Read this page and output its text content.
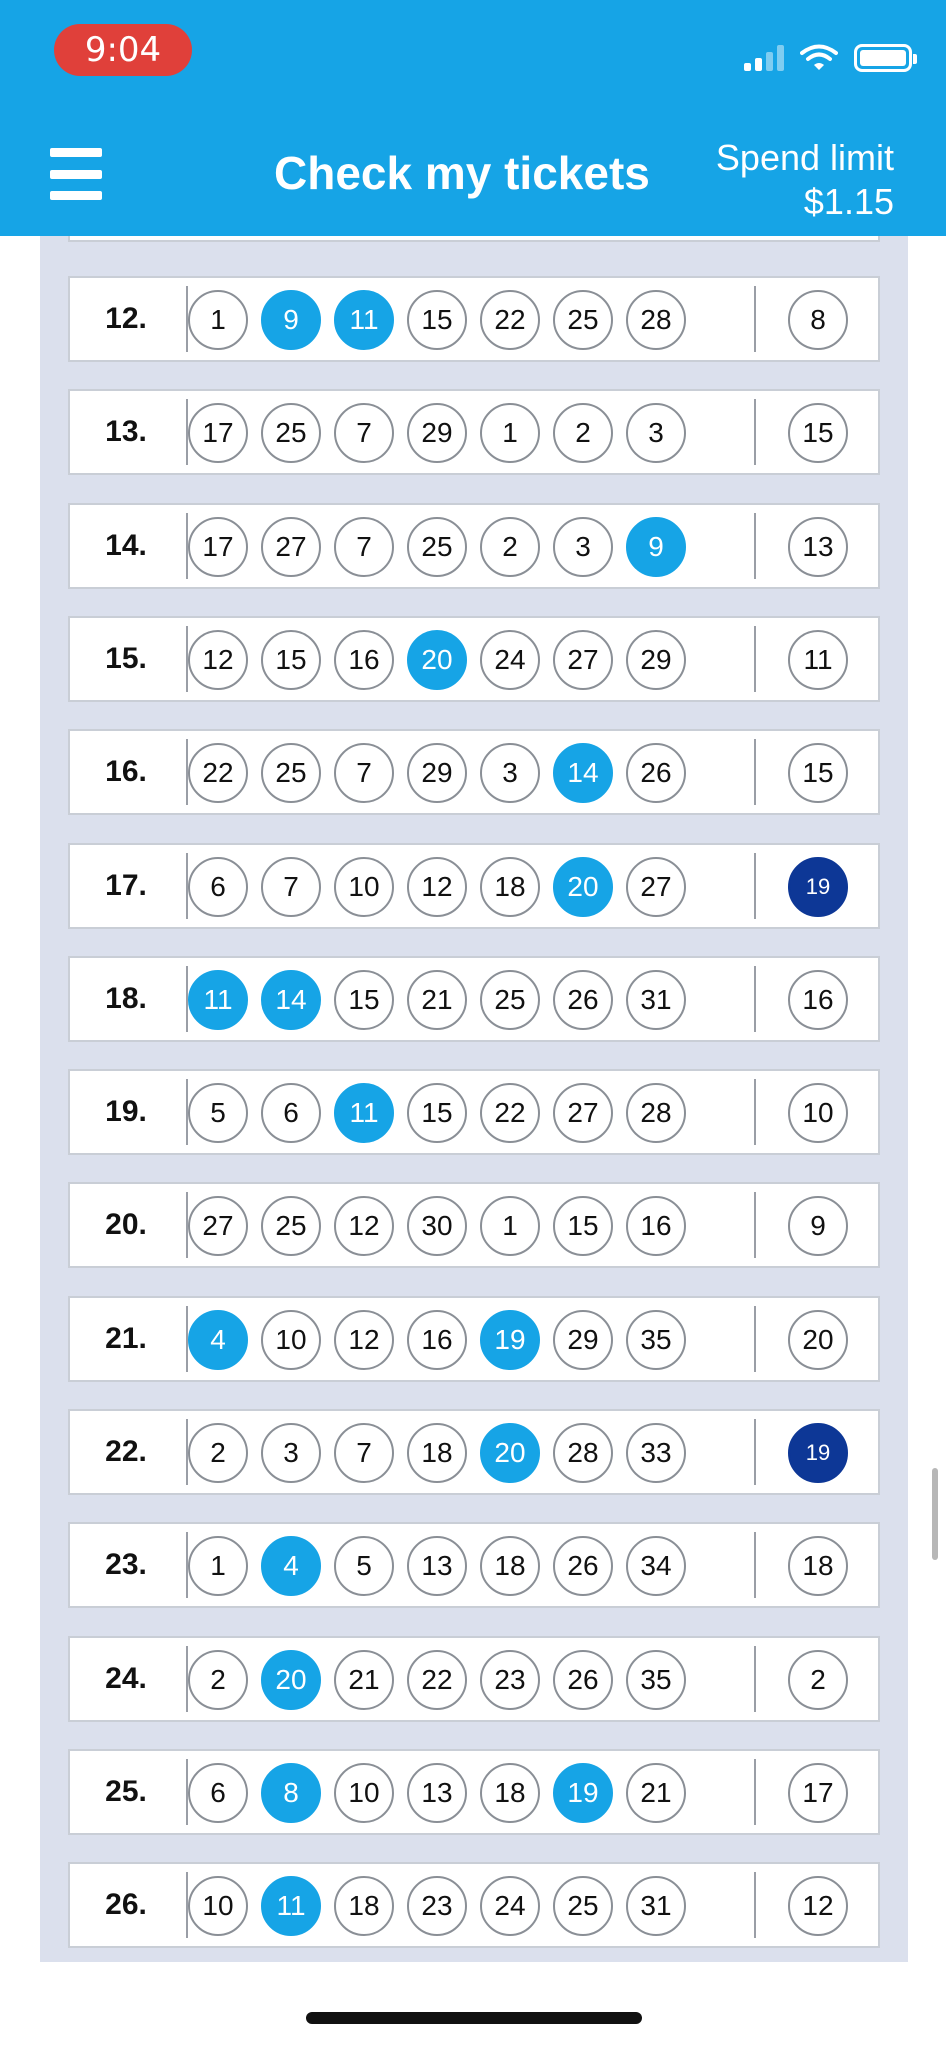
9:04
Check my tickets Spend limit
$1.15
12.	1	9	11	15	22	25	28	8
13.	17	25	7	29	1	2	3	15
14.	17	27	7	25	2	3	9	13
15.	12	15	16	20	24	27	29	11
16.	22	25	7	29	3	14	26	15
17.	6	7	10	12	18	20	27	19
18.	11	14	15	21	25	26	31	16
19.	5	6	11	15	22	27	28	10
20.	27	25	12	30	1	15	16	9
21.	4	10	12	16	19	29	35	20
22.	2	3	7	18	20	28	33	19
23.	1	4	5	13	18	26	34	18
24.	2	20	21	22	23	26	35	2
25.	6	8	10	13	18	19	21	17
26.	10	11	18	23	24	25	31	12
